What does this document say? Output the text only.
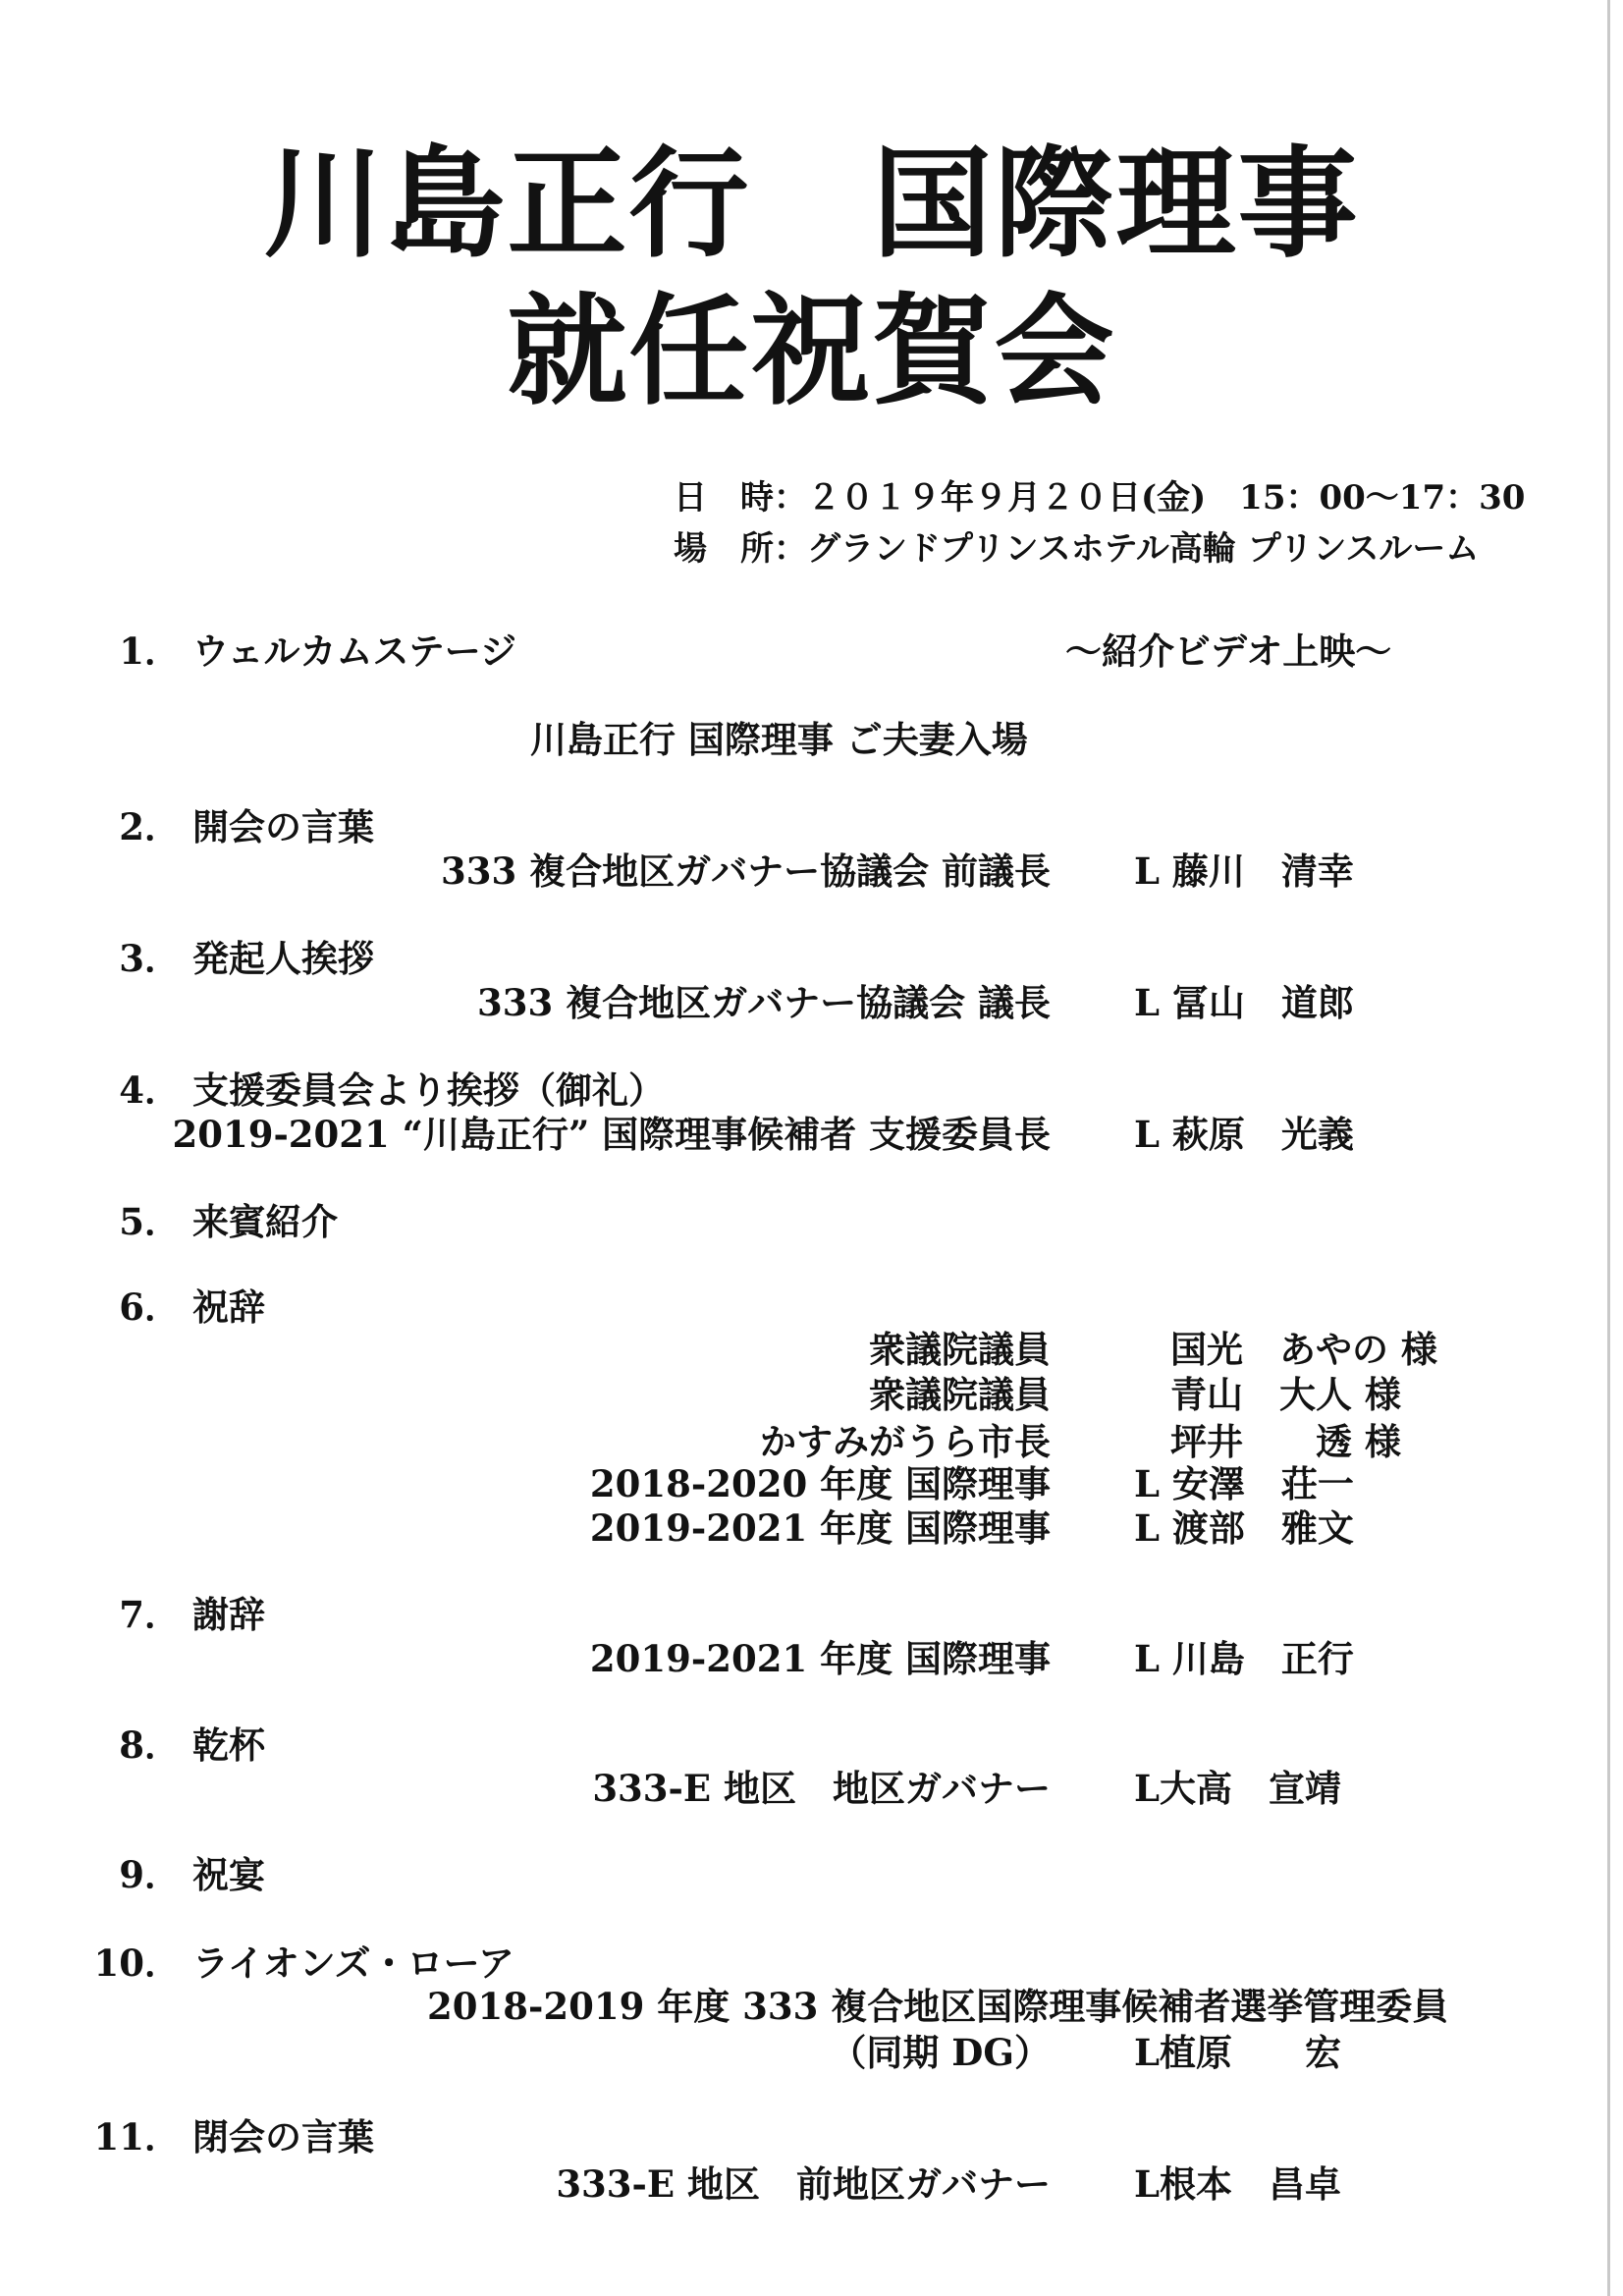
川島正行　国際理事
就任祝賀会
日　時：２０１９年９月２０日(金)　15：00～17：30
場　所：グランドプリンスホテル高輪 プリンスルーム
1． ウェルカムステージ	～紹介ビデオ上映～
川島正行 国際理事 ご夫妻入場
2． 開会の言葉
333 複合地区ガバナー協議会 前議長 L 藤川　清幸
3． 発起人挨拶
333 複合地区ガバナー協議会 議長 L 冨山　道郎
4． 支援委員会より挨拶（御礼）
2019-2021 “川島正行” 国際理事候補者 支援委員長 L 萩原　光義
5． 来賓紹介
6． 祝辞
衆議院議員	国光　あやの 様
衆議院議員	青山　大人 様
かすみがうら市長	坪井　　透 様
2018-2020 年度 国際理事 L 安澤　荘一
2019-2021 年度 国際理事 L 渡部　雅文
7． 謝辞
2019-2021 年度 国際理事 L 川島　正行
8． 乾杯
333-E 地区　地区ガバナー L大高　宣靖
9． 祝宴
10． ライオンズ・ローア
2018-2019 年度 333 複合地区国際理事候補者選挙管理委員
（同期 DG） L植原　　宏
11． 閉会の言葉
333-E 地区　前地区ガバナー L根本　昌卓
